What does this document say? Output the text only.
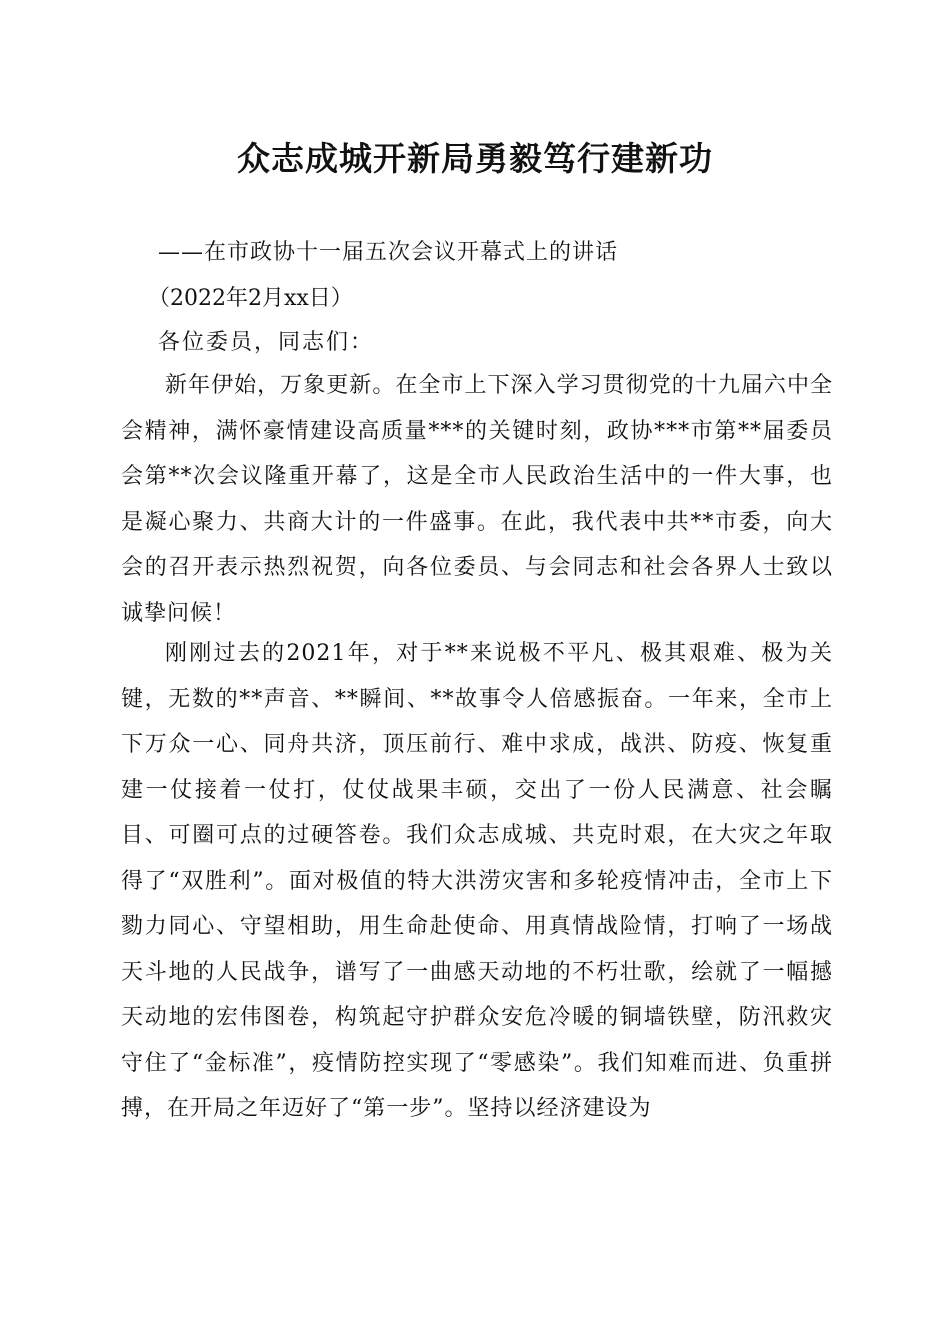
众志成城开新局勇毅笃行建新功

——在市政协十一届五次会议开幕式上的讲话

（2022年2月xx日）

各位委员，同志们：

新年伊始，万象更新。在全市上下深入学习贯彻党的十九届六中全会精神，满怀豪情建设高质量***的关键时刻，政协***市第**届委员会第**次会议隆重开幕了，这是全市人民政治生活中的一件大事，也是凝心聚力、共商大计的一件盛事。在此，我代表中共**市委，向大会的召开表示热烈祝贺，向各位委员、与会同志和社会各界人士致以诚挚问候！

刚刚过去的2021年，对于**来说极不平凡、极其艰难、极为关键，无数的**声音、**瞬间、**故事令人倍感振奋。一年来，全市上下万众一心、同舟共济，顶压前行、难中求成，战洪、防疫、恢复重建一仗接着一仗打，仗仗战果丰硕，交出了一份人民满意、社会瞩目、可圈可点的过硬答卷。我们众志成城、共克时艰，在大灾之年取得了“双胜利”。面对极值的特大洪涝灾害和多轮疫情冲击，全市上下勠力同心、守望相助，用生命赴使命、用真情战险情，打响了一场战天斗地的人民战争，谱写了一曲感天动地的不朽壮歌，绘就了一幅撼天动地的宏伟图卷，构筑起守护群众安危冷暖的铜墙铁壁，防汛救灾守住了“金标准”，疫情防控实现了“零感染”。我们知难而进、负重拼搏，在开局之年迈好了“第一步”。坚持以经济建设为
